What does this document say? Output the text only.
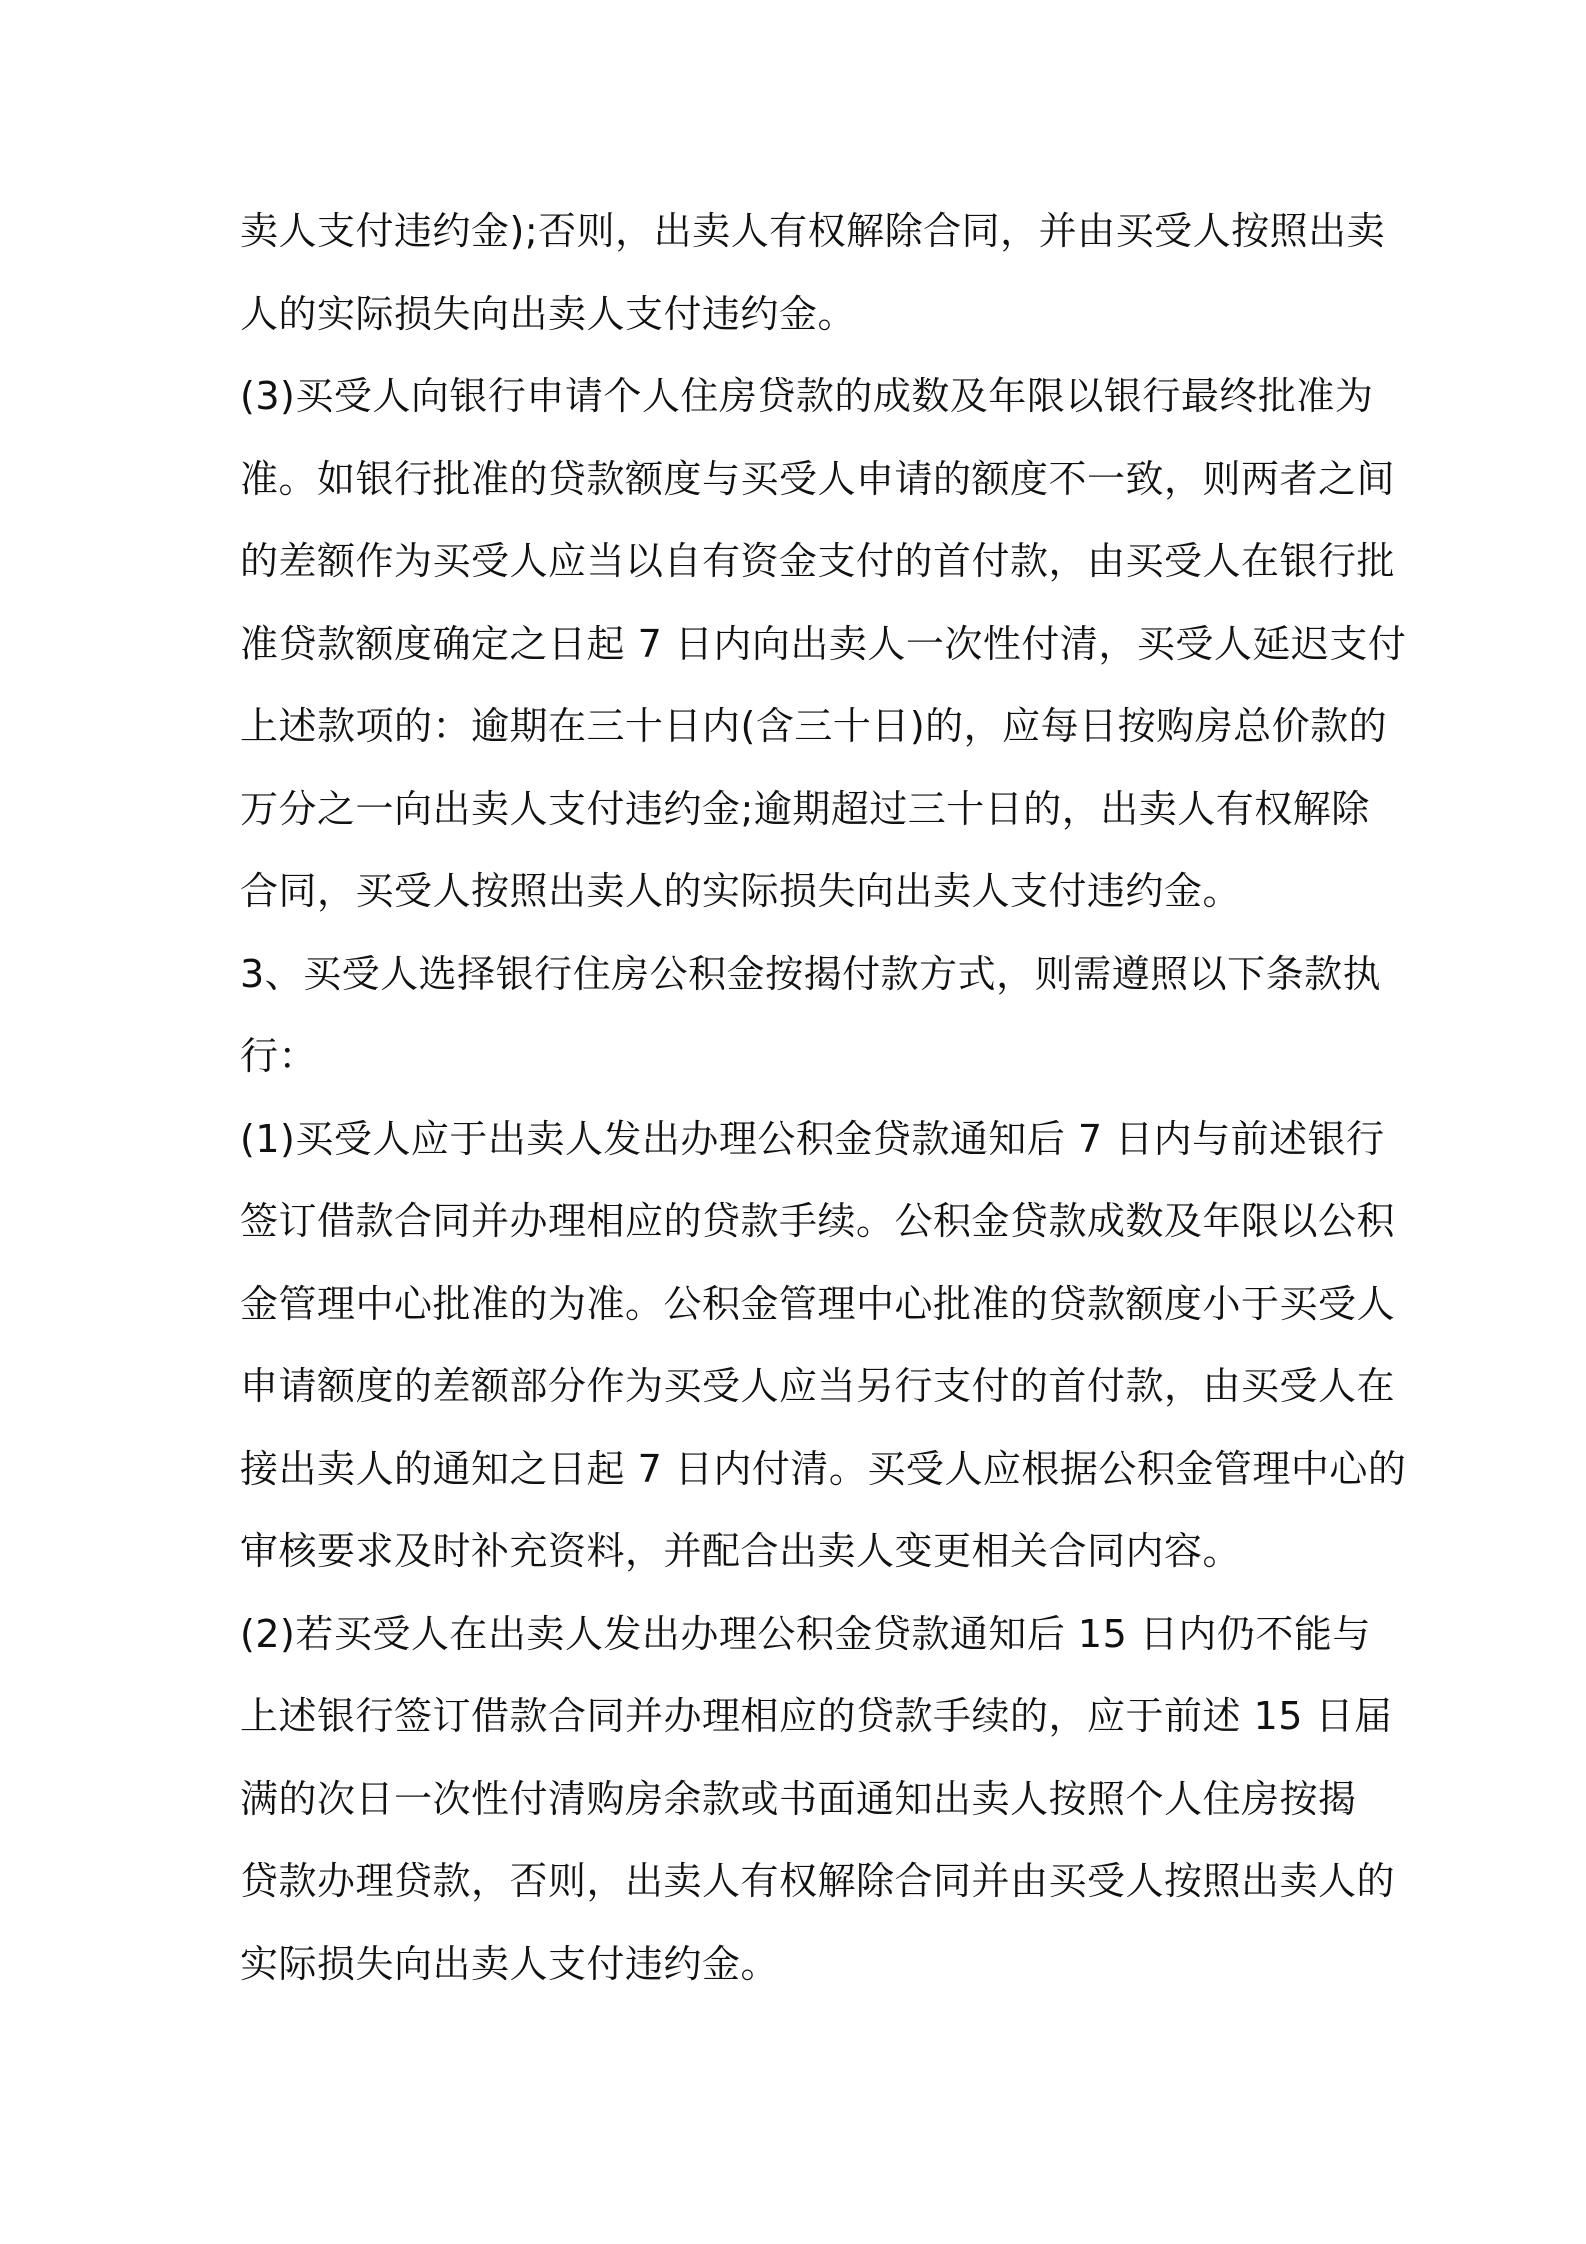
卖人支付违约金);否则，出卖人有权解除合同，并由买受人按照出卖
人的实际损失向出卖人支付违约金。
(3)买受人向银行申请个人住房贷款的成数及年限以银行最终批准为
准。如银行批准的贷款额度与买受人申请的额度不一致，则两者之间
的差额作为买受人应当以自有资金支付的首付款，由买受人在银行批
准贷款额度确定之日起 7 日内向出卖人一次性付清，买受人延迟支付
上述款项的：逾期在三十日内(含三十日)的，应每日按购房总价款的
万分之一向出卖人支付违约金;逾期超过三十日的，出卖人有权解除
合同，买受人按照出卖人的实际损失向出卖人支付违约金。
3、买受人选择银行住房公积金按揭付款方式，则需遵照以下条款执
行：
(1)买受人应于出卖人发出办理公积金贷款通知后 7 日内与前述银行
签订借款合同并办理相应的贷款手续。公积金贷款成数及年限以公积
金管理中心批准的为准。公积金管理中心批准的贷款额度小于买受人
申请额度的差额部分作为买受人应当另行支付的首付款，由买受人在
接出卖人的通知之日起 7 日内付清。买受人应根据公积金管理中心的
审核要求及时补充资料，并配合出卖人变更相关合同内容。
(2)若买受人在出卖人发出办理公积金贷款通知后 15 日内仍不能与
上述银行签订借款合同并办理相应的贷款手续的，应于前述 15 日届
满的次日一次性付清购房余款或书面通知出卖人按照个人住房按揭
贷款办理贷款，否则，出卖人有权解除合同并由买受人按照出卖人的
实际损失向出卖人支付违约金。
